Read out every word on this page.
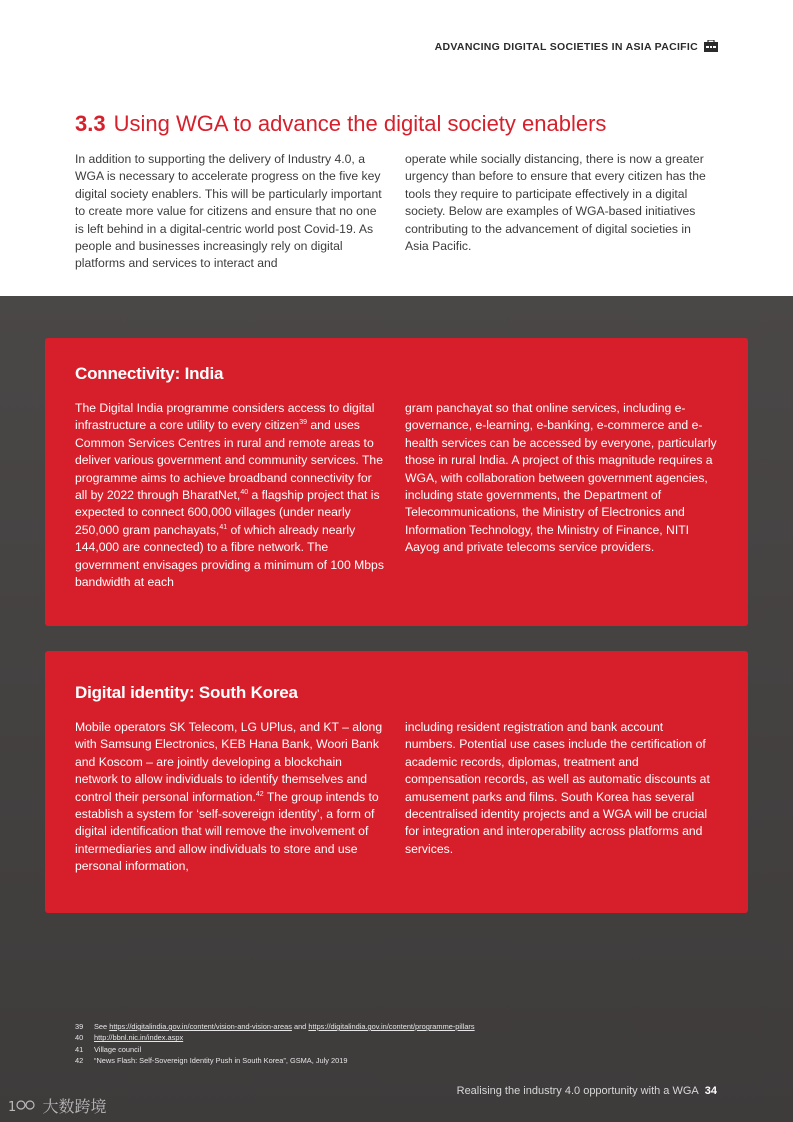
ADVANCING DIGITAL SOCIETIES IN ASIA PACIFIC
3.3 Using WGA to advance the digital society enablers
In addition to supporting the delivery of Industry 4.0, a WGA is necessary to accelerate progress on the five key digital society enablers. This will be particularly important to create more value for citizens and ensure that no one is left behind in a digital-centric world post Covid-19. As people and businesses increasingly rely on digital platforms and services to interact and
operate while socially distancing, there is now a greater urgency than before to ensure that every citizen has the tools they require to participate effectively in a digital society. Below are examples of WGA-based initiatives contributing to the advancement of digital societies in Asia Pacific.
Connectivity: India
The Digital India programme considers access to digital infrastructure a core utility to every citizen$^{39}$ and uses Common Services Centres in rural and remote areas to deliver various government and community services. The programme aims to achieve broadband connectivity for all by 2022 through BharatNet,$^{40}$ a flagship project that is expected to connect 600,000 villages (under nearly 250,000 gram panchayats,$^{41}$ of which already nearly 144,000 are connected) to a fibre network. The government envisages providing a minimum of 100 Mbps bandwidth at each
gram panchayat so that online services, including e-governance, e-learning, e-banking, e-commerce and e-health services can be accessed by everyone, particularly those in rural India. A project of this magnitude requires a WGA, with collaboration between government agencies, including state governments, the Department of Telecommunications, the Ministry of Electronics and Information Technology, the Ministry of Finance, NITI Aayog and private telecoms service providers.
Digital identity: South Korea
Mobile operators SK Telecom, LG UPlus, and KT – along with Samsung Electronics, KEB Hana Bank, Woori Bank and Koscom – are jointly developing a blockchain network to allow individuals to identify themselves and control their personal information.$^{42}$ The group intends to establish a system for ‘self-sovereign identity’, a form of digital identification that will remove the involvement of intermediaries and allow individuals to store and use personal information,
including resident registration and bank account numbers. Potential use cases include the certification of academic records, diplomas, treatment and compensation records, as well as automatic discounts at amusement parks and films. South Korea has several decentralised identity projects and a WGA will be crucial for integration and interoperability across platforms and services.
39	See https://digitalindia.gov.in/content/vision-and-vision-areas and https://digitalindia.gov.in/content/programme-pillars
40	http://bbnl.nic.in/index.aspx
41	Village council
42	“News Flash: Self-Sovereign Identity Push in South Korea”, GSMA, July 2019
Realising the industry 4.0 opportunity with a WGA 34
1 大数跨境
